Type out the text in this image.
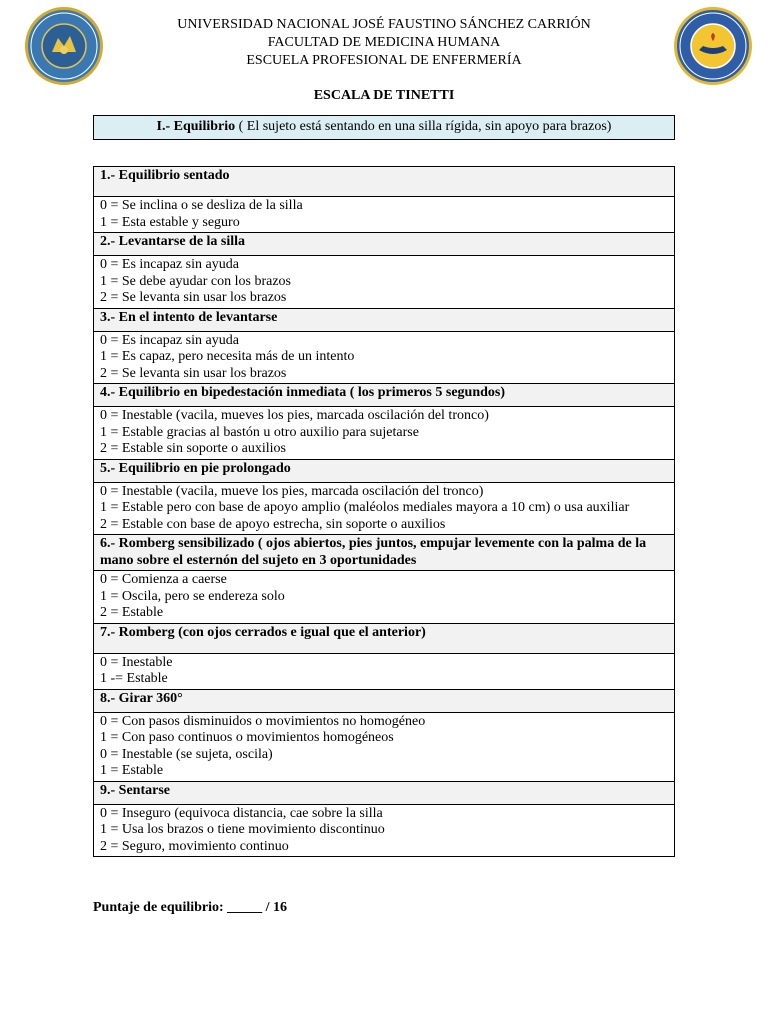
UNIVERSIDAD NACIONAL JOSÉ FAUSTINO SÁNCHEZ CARRIÓN
FACULTAD DE MEDICINA HUMANA
ESCUELA PROFESIONAL DE ENFERMERÍA
ESCALA DE TINETTI
I.- Equilibrio ( El sujeto está sentando en una silla rígida, sin apoyo para brazos)
1.- Equilibrio sentado

0 = Se inclina o se desliza de la silla
1 = Esta estable y seguro

2.- Levantarse de la silla

0 = Es incapaz sin ayuda
1 = Se debe ayudar con los brazos
2 = Se levanta sin usar los brazos

3.- En el intento de levantarse

0 = Es incapaz sin ayuda
1 = Es capaz, pero necesita más de un intento
2 = Se levanta sin usar los brazos

4.- Equilibrio en bipedestación inmediata ( los primeros 5 segundos)

0 = Inestable (vacila, mueves los pies, marcada oscilación del tronco)
1 = Estable gracias al bastón u otro auxilio para sujetarse
2 = Estable sin soporte o auxilios

5.- Equilibrio en pie prolongado

0 = Inestable (vacila, mueve los pies, marcada oscilación del tronco)
1 = Estable pero con base de apoyo amplio (maléolos mediales mayora a 10 cm) o usa auxiliar
2 = Estable con base de apoyo estrecha, sin soporte o auxilios

6.- Romberg sensibilizado ( ojos abiertos, pies juntos, empujar levemente con la palma de la mano sobre el esternón del sujeto en 3 oportunidades

0 = Comienza a caerse
1 = Oscila, pero se endereza solo
2 = Estable

7.- Romberg (con ojos cerrados e igual que el anterior)

0 = Inestable
1 -= Estable

8.- Girar 360°

0 = Con pasos disminuidos o movimientos no homogéneo
1 = Con paso continuos o movimientos homogéneos
0 = Inestable (se sujeta, oscila)
1 = Estable

9.- Sentarse

0 = Inseguro (equivoca distancia, cae sobre la silla
1 = Usa los brazos o tiene movimiento discontinuo
2 = Seguro, movimiento continuo
Puntaje de equilibrio: _____ / 16
